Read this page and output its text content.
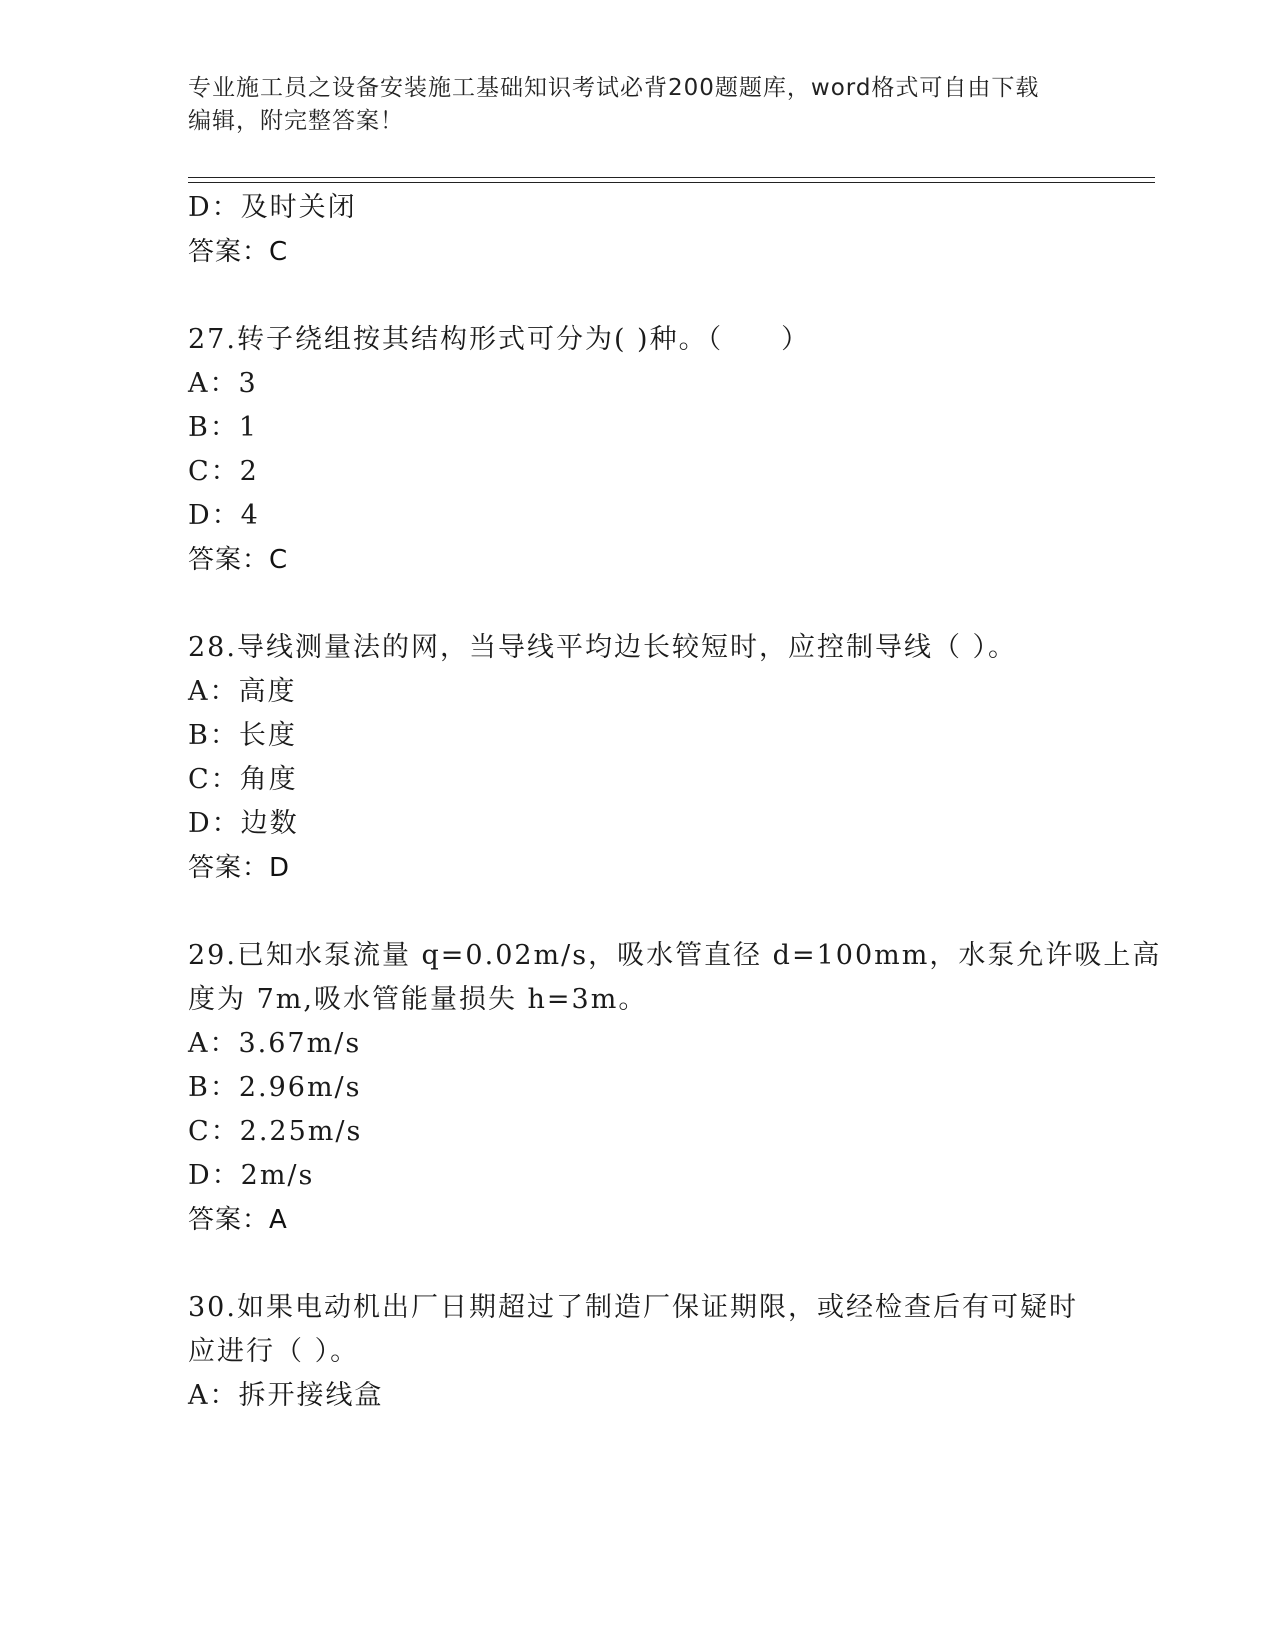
专业施工员之设备安装施工基础知识考试必背200题题库，word格式可自由下载
编辑，附完整答案！
D：及时关闭
答案：C
27.转子绕组按其结构形式可分为( )种。（　　）
A：3
B：1
C：2
D：4
答案：C
28.导线测量法的网，当导线平均边长较短时，应控制导线（ ）。
A：高度
B：长度
C：角度
D：边数
答案：D
29.已知水泵流量 q=0.02m/s，吸水管直径 d=100mm，水泵允许吸上高
度为 7m,吸水管能量损失 h=3m。
A：3.67m/s
B：2.96m/s
C：2.25m/s
D：2m/s
答案：A
30.如果电动机出厂日期超过了制造厂保证期限，或经检查后有可疑时
应进行（ ）。
A：拆开接线盒
